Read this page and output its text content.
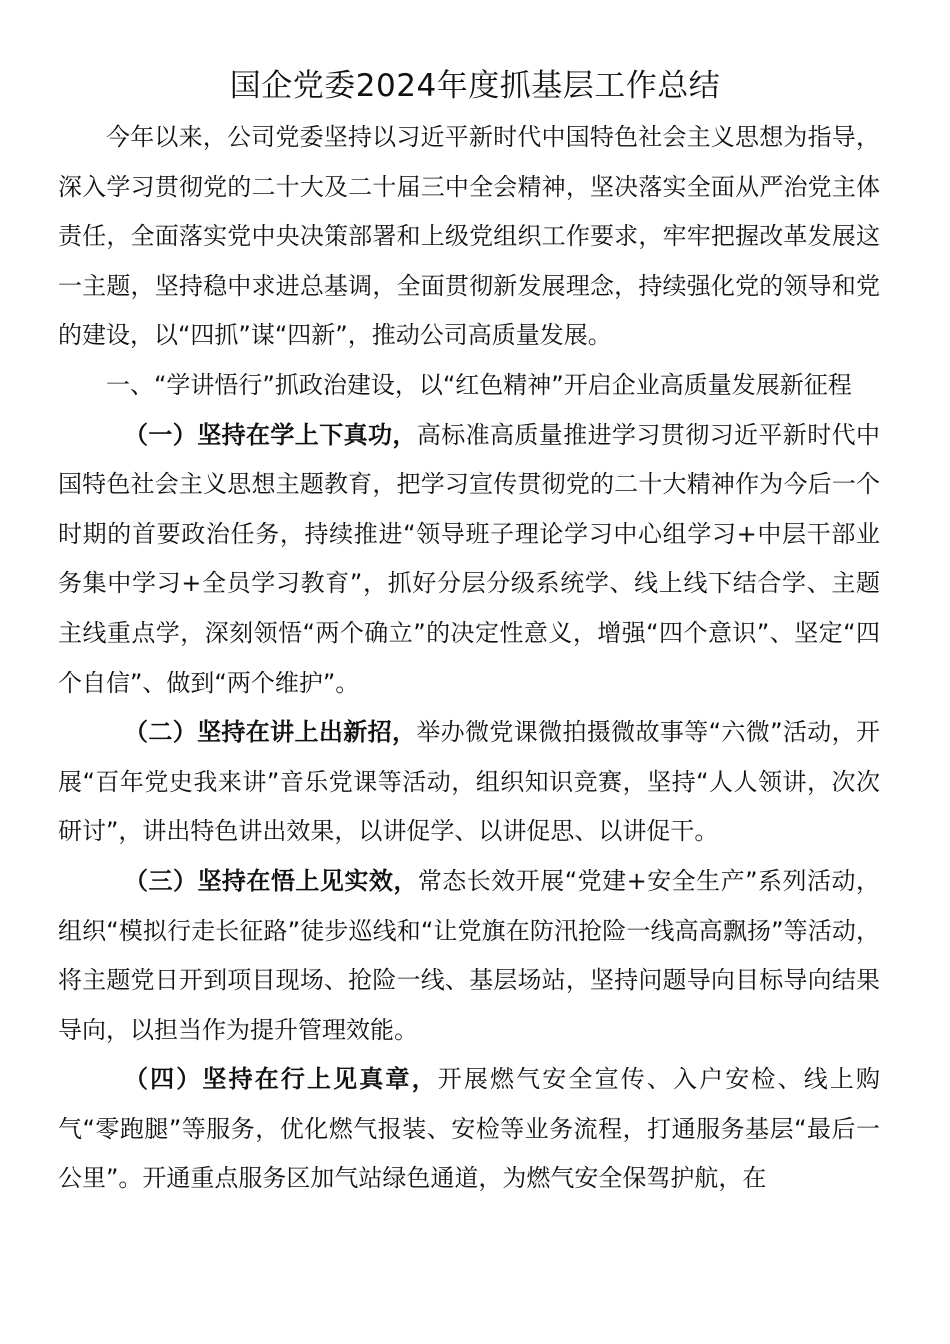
国企党委2024年度抓基层工作总结

今年以来，公司党委坚持以习近平新时代中国特色社会主义思想为指导，深入学习贯彻党的二十大及二十届三中全会精神，坚决落实全面从严治党主体责任，全面落实党中央决策部署和上级党组织工作要求，牢牢把握改革发展这一主题，坚持稳中求进总基调，全面贯彻新发展理念，持续强化党的领导和党的建设，以“四抓”谋“四新”，推动公司高质量发展。

一、“学讲悟行”抓政治建设，以“红色精神”开启企业高质量发展新征程

（一）坚持在学上下真功，高标准高质量推进学习贯彻习近平新时代中国特色社会主义思想主题教育，把学习宣传贯彻党的二十大精神作为今后一个时期的首要政治任务，持续推进“领导班子理论学习中心组学习+中层干部业务集中学习+全员学习教育”，抓好分层分级系统学、线上线下结合学、主题主线重点学，深刻领悟“两个确立”的决定性意义，增强“四个意识”、坚定“四个自信”、做到“两个维护”。

（二）坚持在讲上出新招，举办微党课微拍摄微故事等“六微”活动，开展“百年党史我来讲”音乐党课等活动，组织知识竞赛，坚持“人人领讲，次次研讨”，讲出特色讲出效果，以讲促学、以讲促思、以讲促干。

（三）坚持在悟上见实效，常态长效开展“党建+安全生产”系列活动，组织“模拟行走长征路”徒步巡线和“让党旗在防汛抢险一线高高飘扬”等活动，将主题党日开到项目现场、抢险一线、基层场站，坚持问题导向目标导向结果导向，以担当作为提升管理效能。

（四）坚持在行上见真章，开展燃气安全宣传、入户安检、线上购气“零跑腿”等服务，优化燃气报装、安检等业务流程，打通服务基层“最后一公里”。开通重点服务区加气站绿色通道，为燃气安全保驾护航，在
